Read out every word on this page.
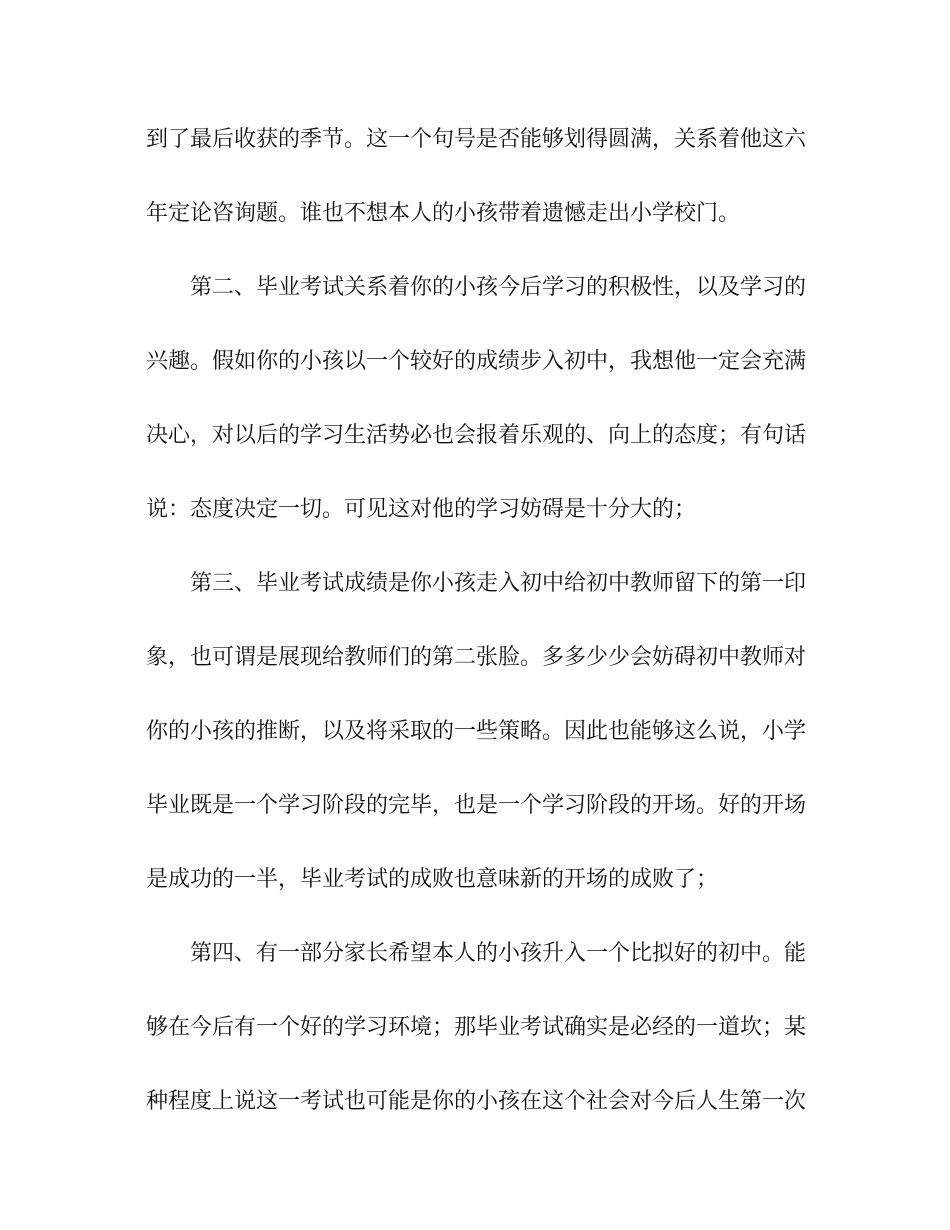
到了最后收获的季节。这一个句号是否能够划得圆满，关系着他这六
年定论咨询题。谁也不想本人的小孩带着遗憾走出小学校门。
第二、毕业考试关系着你的小孩今后学习的积极性，以及学习的
兴趣。假如你的小孩以一个较好的成绩步入初中，我想他一定会充满
决心，对以后的学习生活势必也会报着乐观的、向上的态度；有句话
说：态度决定一切。可见这对他的学习妨碍是十分大的；
第三、毕业考试成绩是你小孩走入初中给初中教师留下的第一印
象，也可谓是展现给教师们的第二张脸。多多少少会妨碍初中教师对
你的小孩的推断，以及将采取的一些策略。因此也能够这么说，小学
毕业既是一个学习阶段的完毕，也是一个学习阶段的开场。好的开场
是成功的一半，毕业考试的成败也意味新的开场的成败了；
第四、有一部分家长希望本人的小孩升入一个比拟好的初中。能
够在今后有一个好的学习环境；那毕业考试确实是必经的一道坎；某
种程度上说这一考试也可能是你的小孩在这个社会对今后人生第一次
